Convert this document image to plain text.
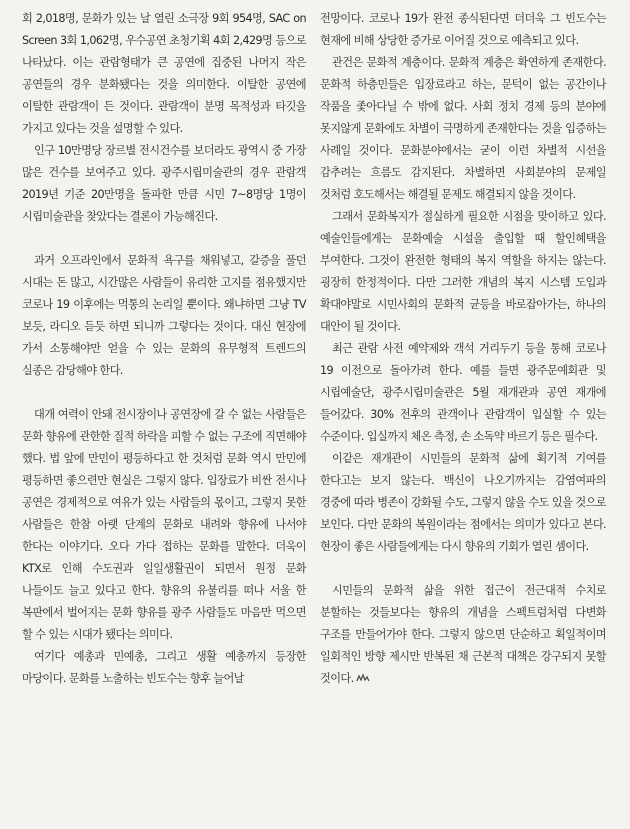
회 2,018명, 문화가 있는 날 열린 소극장 9회 954명, SAC on Screen 3회 1,062명, 우수공연 초청기획 4회 2,429명 등으로 나타났다. 이는 관람형태가 큰 공연에 집중된 나머지 작은 공연들의 경우 분화됐다는 것을 의미한다. 이탈한 공연에 이탈한 관람객이 든 것이다. 관람객이 분명 목적성과 타깃을 가지고 있다는 것을 설명할 수 있다.

인구 10만명당 장르별 전시건수를 보더라도 광역시 중 가장 많은 건수를 보여주고 있다. 광주시립미술관의 경우 관람객 2019년 기준 20만명을 돌파한 만큼 시민 7~8명당 1명이 시립미술관을 찾았다는 결론이 가능해진다.

과거 오프라인에서 문화적 욕구를 채워넣고, 갈증을 풀던 시대는 돈 많고, 시간많은 사람들이 유리한 고지를 점유했지만 코로나 19 이후에는 먹통의 논리일 뿐이다. 왜냐하면 그냥 TV 보듯, 라디오 듣듯 하면 되니까 그렇다는 것이다. 대신 현장에 가서 소통해야만 얻을 수 있는 문화의 유무형적 트렌드의 실종은 감당해야 한다.

대개 여력이 안돼 전시장이나 공연장에 갈 수 없는 사람들은 문화 향유에 관한한 질적 하락을 피할 수 없는 구조에 직면해야 했다. 법 앞에 만민이 평등하다고 한 것처럼 문화 역시 만민에 평등하면 좋으련만 현실은 그렇지 않다. 입장료가 비싼 전시나 공연은 경제적으로 여유가 있는 사람들의 몫이고, 그렇지 못한 사람들은 한참 아랫 단계의 문화로 내려와 향유에 나서야 한다는 이야기다. 오다 가다 접하는 문화를 말한다. 더욱이 KTX로 인해 수도권과 일일생활권이 되면서 원정 문화 나들이도 늘고 있다고 한다. 향유의 유불리를 떠나 서울 한 복판에서 벌어지는 문화 향유를 광주 사람들도 마음만 먹으면 할 수 있는 시대가 됐다는 의미다.

여기다 예총과 민예총, 그리고 생활 예총까지 등장한 마당이다. 문화를 노출하는 빈도수는 향후 늘어날

전망이다. 코로나 19가 완전 종식된다면 더더욱 그 빈도수는 현재에 비해 상당한 증가로 이어질 것으로 예측되고 있다.

관건은 문화적 계층이다. 문화적 계층은 확연하게 존재한다. 문화적 하층민들은 입장료라고 하는, 문턱이 없는 공간이나 작품을 좇아다닐 수 밖에 없다. 사회 정치 경제 등의 분야에 못지않게 문화에도 차별이 극명하게 존재한다는 것을 입증하는 사례일 것이다. 문화분야에서는 굳이 이런 차별적 시선을 감추려는 흐름도 감지된다. 차별하면 사회분야의 문제일 것처럼 호도해서는 해결될 문제도 해결되지 않을 것이다.

그래서 문화복지가 절실하게 필요한 시점을 맞이하고 있다. 예술인들에게는 문화예술 시설을 출입할 때 할인혜택을 부여한다. 그것이 완전한 형태의 복지 역할을 하지는 않는다. 굉장히 한정적이다. 다만 그러한 개념의 복지 시스템 도입과 확대야말로 시민사회의 문화적 균등을 바로잡아가는, 하나의 대안이 될 것이다.

최근 관람 사전 예약제와 객석 거리두기 등을 통해 코로나 19 이전으로 돌아가려 한다. 예를 들면 광주문예회관 및 시립예술단, 광주시립미술관은 5월 재개관과 공연 재개에 들어갔다. 30% 전후의 관객이나 관람객이 입실할 수 있는 수준이다. 입실까지 체온 측정, 손 소독약 바르기 등은 필수다.

이같은 재개관이 시민들의 문화적 삶에 획기적 기여를 한다고는 보지 않는다. 백신이 나오기까지는 감염여파의 경중에 따라 병존이 강화될 수도, 그렇지 않을 수도 있을 것으로 보인다. 다만 문화의 복원이라는 점에서는 의미가 있다고 본다. 현장이 좋은 사람들에게는 다시 향유의 기회가 열린 셈이다.

시민들의 문화적 삶을 위한 접근이 전근대적 수치로 분할하는 것들보다는 향유의 개념을 스펙트럼처럼 다변화 구조를 만들어가야 한다. 그렇지 않으면 단순하고 획일적이며 일회적인 방향 제시만 반복된 채 근본적 대책은 강구되지 못할 것이다.
